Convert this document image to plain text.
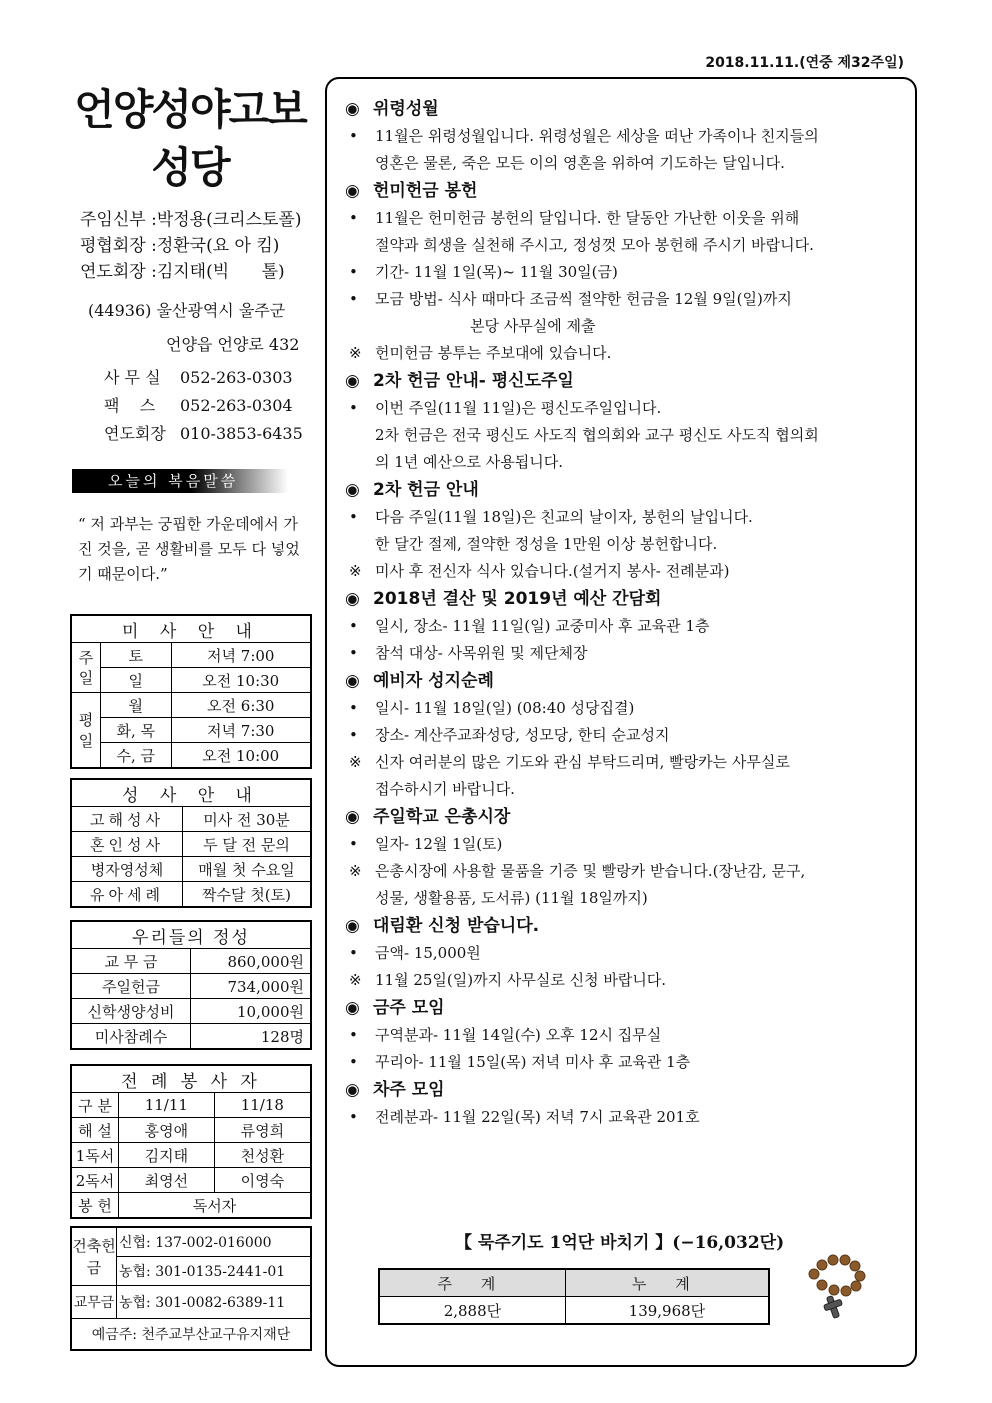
2018.11.11.(연중 제32주일)
언양성야고보
성당
주임신부 :박정용(크리스토폴)
평협회장 :정환국(요 아 킴)
연도회장 :김지태(빅      톨)
(44936) 울산광역시 울주군
언양읍 언양로 432
사 무 실 052-263-0303
팩    스 052-263-0304
연도회장 010-3853-6435
오늘의 복음말씀
“ 저 과부는 궁핍한 가운데에서 가진 것을, 곧 생활비를 모두 다 넣었기 때문이다.”
미 사 안 내		
주일	토	저녁 7:00
	일	오전 10:30
평일	월	오전 6:30
	화, 목	저녁 7:30
	수, 금	오전 10:00
성 사 안 내	
고해성사	미사 전 30분
혼인성사	두 달 전 문의
병자영성체	매월 첫 수요일
유아세례	짝수달 첫(토)
우리들의 정성	
교 무 금	860,000원
주일헌금	734,000원
신학생양성비	10,000원
미사참례수	128명
전 례 봉 사 자		
구 분	11/11	11/18
해 설	홍영애	류영희
1독서	김지태	천성환
2독서	최영선	이영숙
봉 헌	독서자	
건축헌금	신협: 137-002-016000
	농협: 301-0135-2441-01
교무금	농협: 301-0082-6389-11
예금주: 천주교부산교구유지재단	
◉ 위령성월
• 11월은 위령성월입니다. 위령성월은 세상을 떠난 가족이나 친지들의
영혼은 물론, 죽은 모든 이의 영혼을 위하여 기도하는 달입니다.
◉ 헌미헌금 봉헌
• 11월은 헌미헌금 봉헌의 달입니다. 한 달동안 가난한 이웃을 위해
절약과 희생을 실천해 주시고, 정성껏 모아 봉헌해 주시기 바랍니다.
• 기간- 11월 1일(목)~ 11월 30일(금)
• 모금 방법- 식사 때마다 조금씩 절약한 헌금을 12월 9일(일)까지
본당 사무실에 제출
※ 헌미헌금 봉투는 주보대에 있습니다.
◉ 2차 헌금 안내- 평신도주일
• 이번 주일(11월 11일)은 평신도주일입니다.
2차 헌금은 전국 평신도 사도직 협의회와 교구 평신도 사도직 협의회
의 1년 예산으로 사용됩니다.
◉ 2차 헌금 안내
• 다음 주일(11월 18일)은 친교의 날이자, 봉헌의 날입니다.
한 달간 절제, 절약한 정성을 1만원 이상 봉헌합니다.
※ 미사 후 전신자 식사 있습니다.(설거지 봉사- 전례분과)
◉ 2018년 결산 및 2019년 예산 간담회
• 일시, 장소- 11월 11일(일) 교중미사 후 교육관 1층
• 참석 대상- 사목위원 및 제단체장
◉ 예비자 성지순례
• 일시- 11월 18일(일) (08:40 성당집결)
• 장소- 계산주교좌성당, 성모당, 한티 순교성지
※ 신자 여러분의 많은 기도와 관심 부탁드리며, 빨랑카는 사무실로
접수하시기 바랍니다.
◉ 주일학교 은총시장
• 일자- 12월 1일(토)
※ 은총시장에 사용할 물품을 기증 및 빨랑카 받습니다.(장난감, 문구,
성물, 생활용품, 도서류) (11월 18일까지)
◉ 대림환 신청 받습니다.
• 금액- 15,000원
※ 11월 25일(일)까지 사무실로 신청 바랍니다.
◉ 금주 모임
• 구역분과- 11월 14일(수) 오후 12시 집무실
• 꾸리아- 11월 15일(목) 저녁 미사 후 교육관 1층
◉ 차주 모임
• 전례분과- 11월 22일(목) 저녁 7시 교육관 201호
【 묵주기도 1억단 바치기 】(−16,032단)
주 계	누 계
2,888단	139,968단
